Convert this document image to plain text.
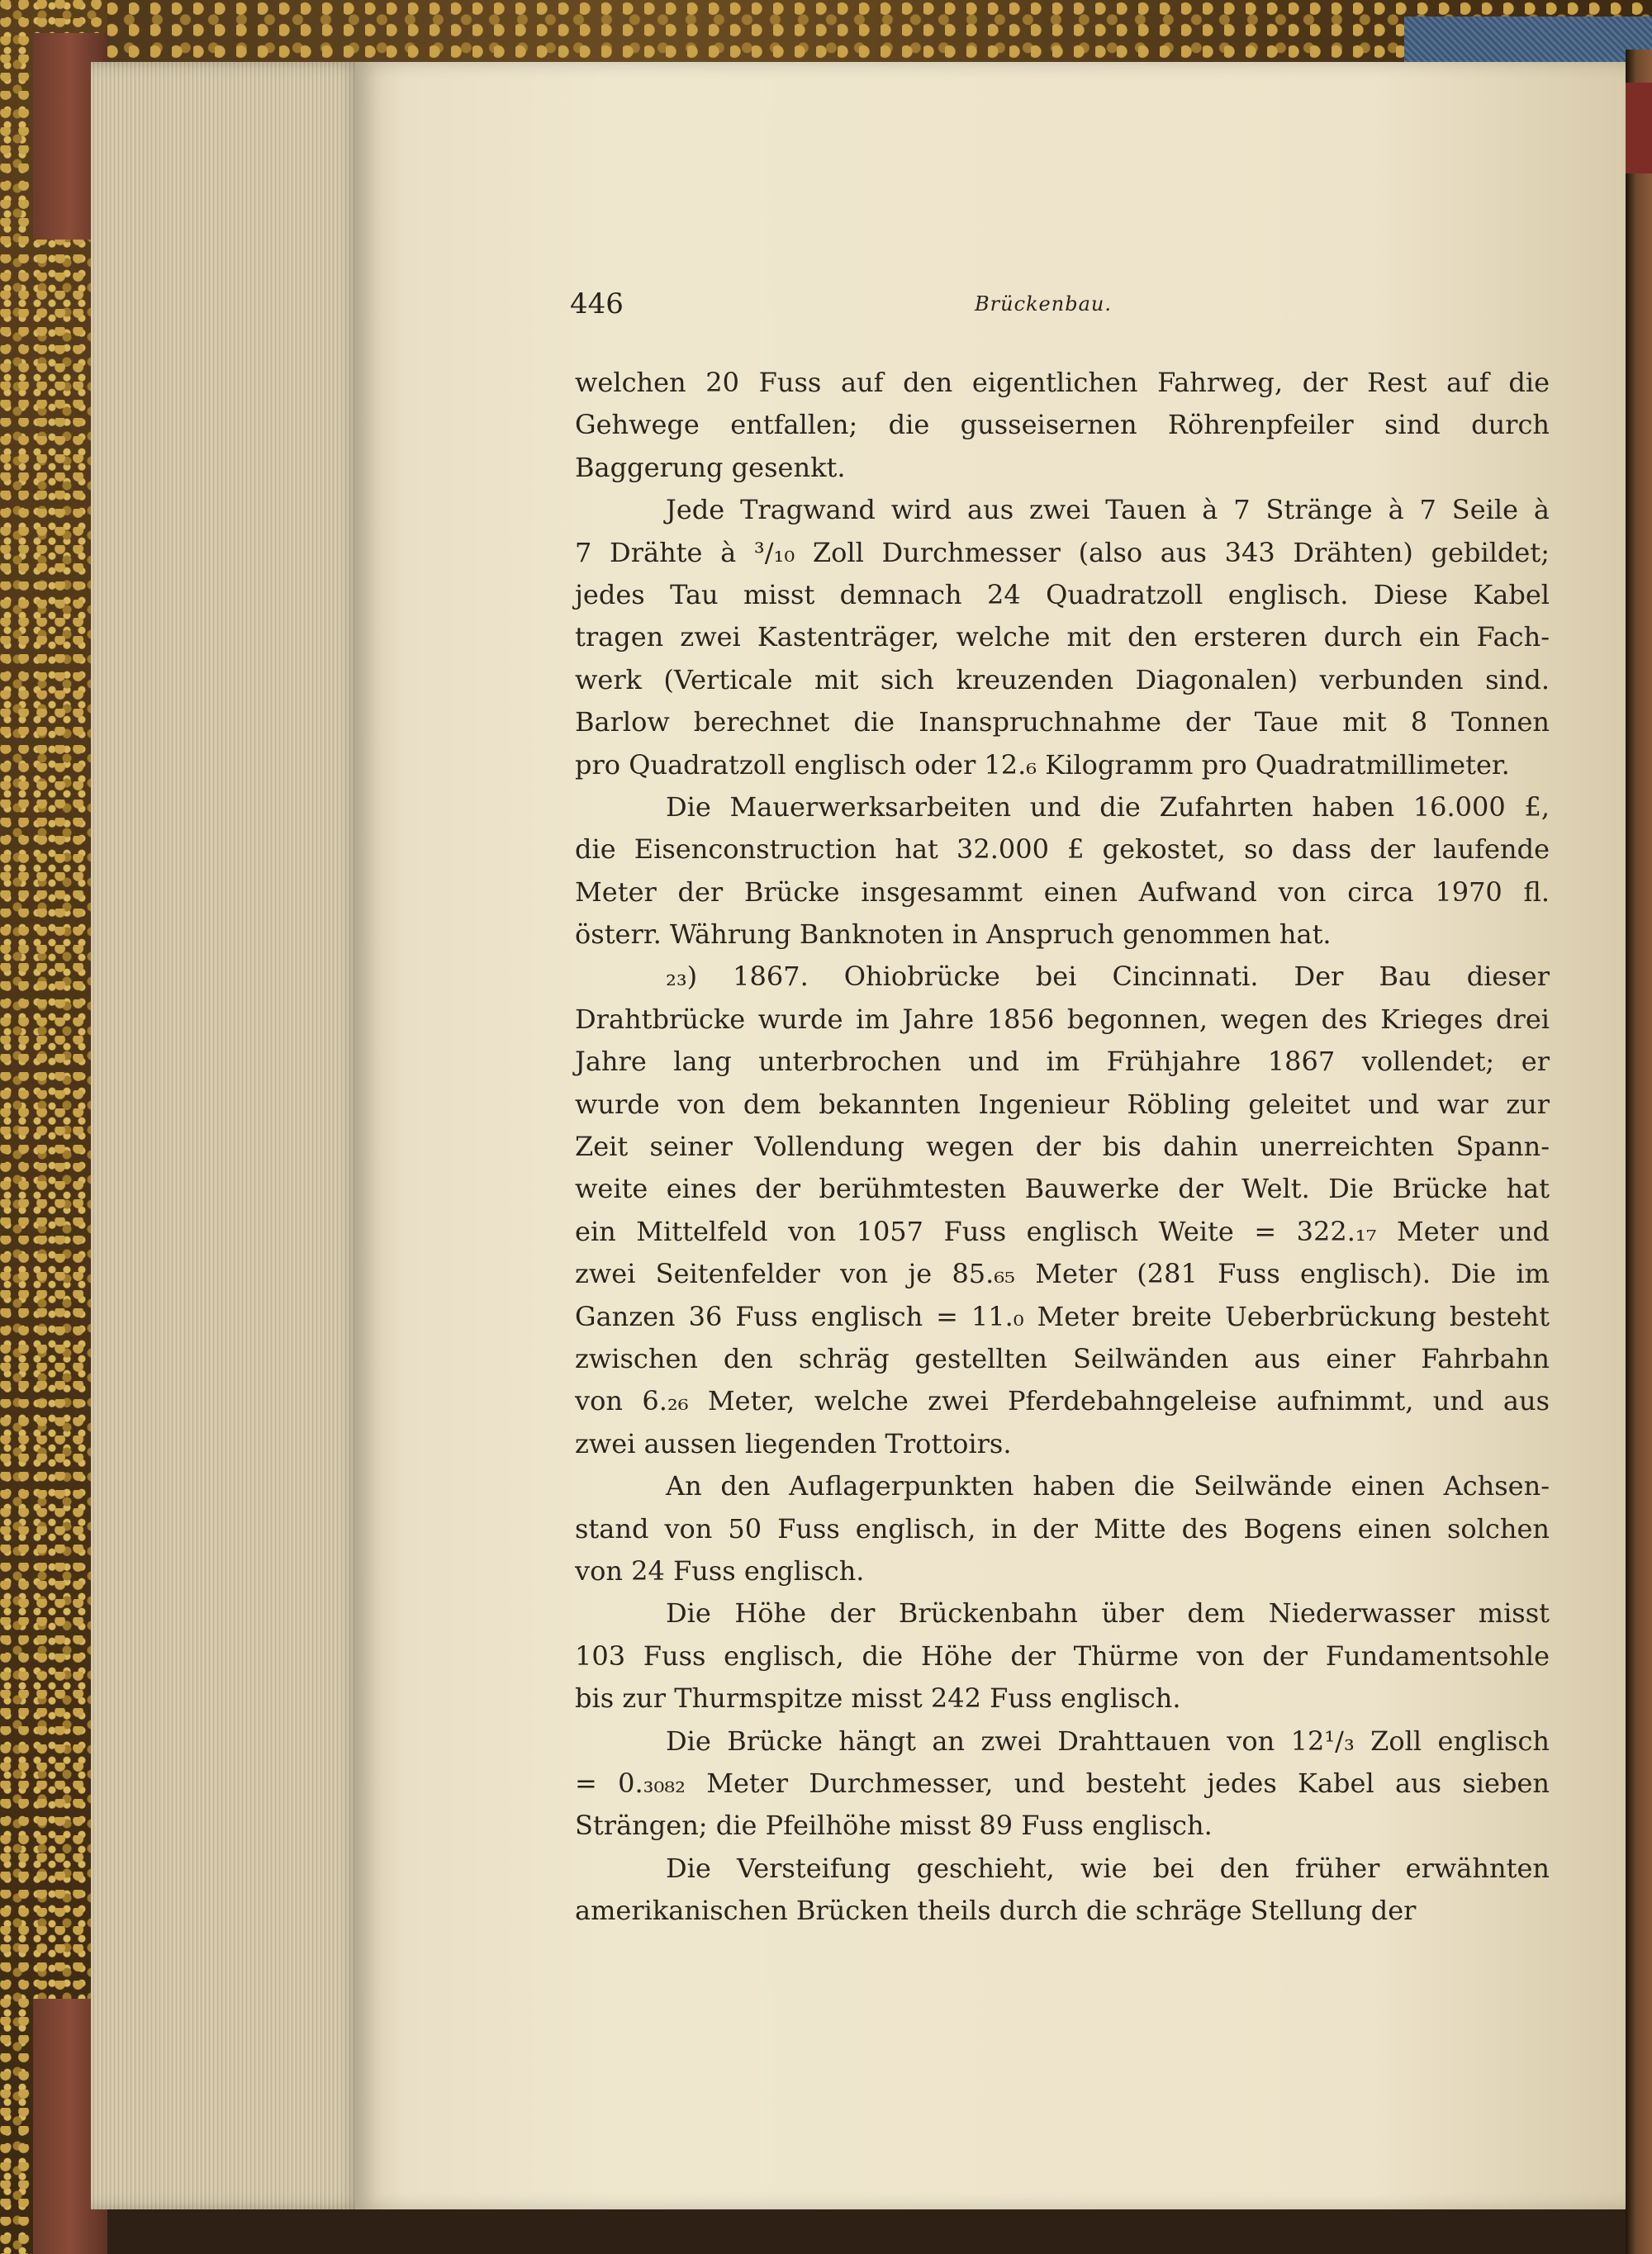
446	Brückenbau.

welchen 20 Fuss auf den eigentlichen Fahrweg, der Rest auf die
Gehwege entfallen; die gusseisernen Röhrenpfeiler sind durch
Baggerung gesenkt.

Jede Tragwand wird aus zwei Tauen à 7 Stränge à 7 Seile à
7 Drähte à ³/₁₀ Zoll Durchmesser (also aus 343 Drähten) gebildet;
jedes Tau misst demnach 24 Quadratzoll englisch. Diese Kabel
tragen zwei Kastenträger, welche mit den ersteren durch ein Fach-
werk (Verticale mit sich kreuzenden Diagonalen) verbunden sind.
Barlow berechnet die Inanspruchnahme der Taue mit 8 Tonnen
pro Quadratzoll englisch oder 12.₆ Kilogramm pro Quadratmillimeter.

Die Mauerwerksarbeiten und die Zufahrten haben 16.000 £,
die Eisenconstruction hat 32.000 £ gekostet, so dass der laufende
Meter der Brücke insgesammt einen Aufwand von circa 1970 fl.
österr. Währung Banknoten in Anspruch genommen hat.

₂₃) 1867. Ohiobrücke bei Cincinnati. Der Bau dieser
Drahtbrücke wurde im Jahre 1856 begonnen, wegen des Krieges drei
Jahre lang unterbrochen und im Frühjahre 1867 vollendet; er
wurde von dem bekannten Ingenieur Röbling geleitet und war zur
Zeit seiner Vollendung wegen der bis dahin unerreichten Spann-
weite eines der berühmtesten Bauwerke der Welt. Die Brücke hat
ein Mittelfeld von 1057 Fuss englisch Weite = 322.₁₇ Meter und
zwei Seitenfelder von je 85.₆₅ Meter (281 Fuss englisch). Die im
Ganzen 36 Fuss englisch = 11.₀ Meter breite Ueberbrückung besteht
zwischen den schräg gestellten Seilwänden aus einer Fahrbahn
von 6.₂₆ Meter, welche zwei Pferdebahngeleise aufnimmt, und aus
zwei aussen liegenden Trottoirs.

An den Auflagerpunkten haben die Seilwände einen Achsen-
stand von 50 Fuss englisch, in der Mitte des Bogens einen solchen
von 24 Fuss englisch.

Die Höhe der Brückenbahn über dem Niederwasser misst
103 Fuss englisch, die Höhe der Thürme von der Fundamentsohle
bis zur Thurmspitze misst 242 Fuss englisch.

Die Brücke hängt an zwei Drahttauen von 12¹/₃ Zoll englisch
= 0.₃₀₈₂ Meter Durchmesser, und besteht jedes Kabel aus sieben
Strängen; die Pfeilhöhe misst 89 Fuss englisch.

Die Versteifung geschieht, wie bei den früher erwähnten
amerikanischen Brücken theils durch die schräge Stellung der
